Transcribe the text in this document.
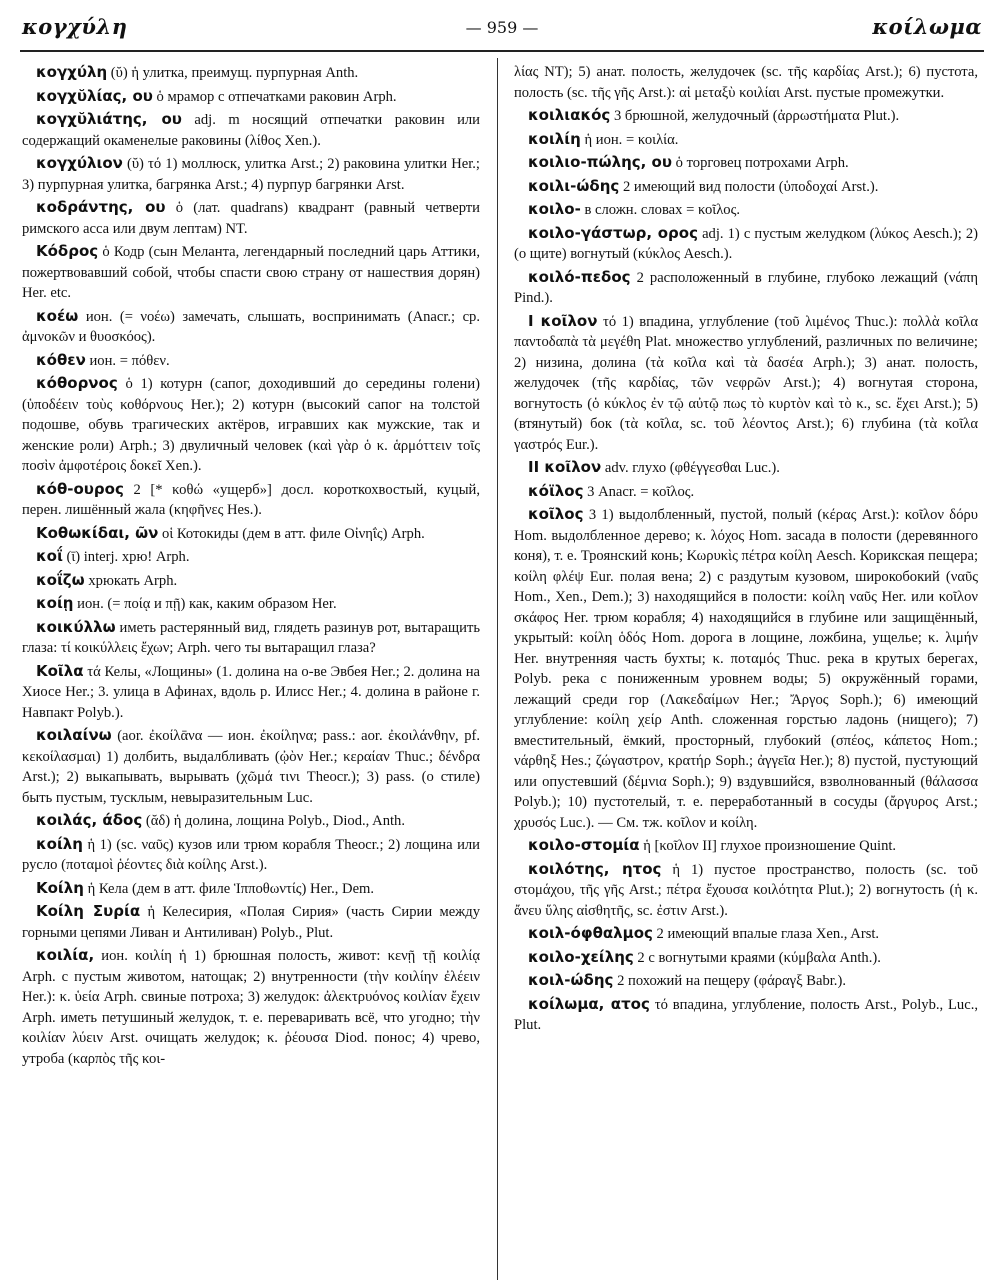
κογχύλη	— 959 —	κοίλωμα

κογχύλη (ῠ) ἡ улитка, преимущ. пурпурная Anth.

κογχῠλίας, ου ὁ мрамор с отпечатками раковин Arph.

κογχῠλιάτης, ου adj. m носящий отпечатки раковин или содержащий окаменелые раковины (λίθος Xen.).

κογχύλιον (ῠ) τό 1) моллюск, улитка Arst.; 2) раковина улитки Her.; 3) пурпурная улитка, багрянка Arst.; 4) пурпур багрянки Arst.

κοδράντης, ου ὁ (лат. quadrans) квадрант (равный четверти римского асса или двум лептам) NT.

Κόδρος ὁ Кодр (сын Меланта, легендарный последний царь Аттики, пожертвовавший собой, чтобы спасти свою страну от нашествия дорян) Her. etc.

κοέω ион. (= νοέω) замечать, слышать, воспринимать (Anacr.; ср. ἀμνοκῶν и θυοσκόος).

κόθεν ион. = πόθεν.

κόθορνος ὁ 1) котурн (сапог, доходивший до середины голени) (ὑποδέειν τοὺς κοθόρνους Her.); 2) котурн (высокий сапог на толстой подошве, обувь трагических актёров, игравших как мужские, так и женские роли) Arph.; 3) двуличный человек (καὶ γὰρ ὁ κ. ἁρμόττειν τοῖς ποσὶν ἀμφοτέροις δοκεῖ Xen.).

κόθ-ουρος 2 [* κοθώ «ущерб»] досл. короткохвостый, куцый, перен. лишённый жала (κηφῆνες Hes.).

Κοθωκίδαι, ῶν οἱ Котокиды (дем в атт. филе Οἰνηΐς) Arph.

κοΐ (ῑ) interj. хрю! Arph.

κοΐζω хрюкать Arph.

κοίῃ ион. (= ποίᾳ и πῇ) как, каким образом Her.

κοικύλλω иметь растерянный вид, глядеть разинув рот, вытаращить глаза: τί κοικύλλεις ἔχων; Arph. чего ты вытаращил глаза?

Κοῖλα τά Келы, «Лощины» (1. долина на о-ве Эвбея Her.; 2. долина на Хиосе Her.; 3. улица в Афинах, вдоль р. Илисс Her.; 4. долина в районе г. Навпакт Polyb.).

κοιλαίνω (aor. ἐκοίλᾱνα — ион. ἐκοίληνα; pass.: aor. ἐκοιλάνθην, pf. κεκοίλασμαι) 1) долбить, выдалбливать (ᾠὸν Her.; κεραίαν Thuc.; δένδρα Arst.); 2) выкапывать, вырывать (χῶμά τινι Theocr.); 3) pass. (о стиле) быть пустым, тусклым, невыразительным Luc.

κοιλάς, άδος (ᾰδ) ἡ долина, лощина Polyb., Diod., Anth.

κοίλη ἡ 1) (sc. ναῦς) кузов или трюм корабля Theocr.; 2) лощина или русло (ποταμοὶ ῥέοντες διὰ κοίλης Arst.).

Κοίλη ἡ Кела (дем в атт. филе Ἱπποθωντίς) Her., Dem.

Κοίλη Συρία ἡ Келесирия, «Полая Сирия» (часть Сирии между горными цепями Ливан и Антиливан) Polyb., Plut.

κοιλία, ион. κοιλίη ἡ 1) брюшная полость, живот: κενῇ τῇ κοιλίᾳ Arph. с пустым животом, натощак; 2) внутренности (τὴν κοιλίην ἐλέειν Her.): κ. ὑεία Arph. свиные потроха; 3) желудок: ἀλεκτρυόνος κοιλίαν ἔχειν Arph. иметь петушиный желудок, т. е. переваривать всё, что угодно; τὴν κοιλίαν λύειν Arst. очищать желудок; κ. ῥέουσα Diod. понос; 4) чрево, утроба (καρπὸς τῆς κοι-

λίας NT); 5) анат. полость, желудочек (sc. τῆς καρδίας Arst.); 6) пустота, полость (sc. τῆς γῆς Arst.): αἱ μεταξὺ κοιλίαι Arst. пустые промежутки.

κοιλιακός 3 брюшной, желудочный (ἀρρωστήματα Plut.).

κοιλίη ἡ ион. = κοιλία.

κοιλιο-πώλης, ου ὁ торговец потрохами Arph.

κοιλι-ώδης 2 имеющий вид полости (ὑποδοχαί Arst.).

κοιλο- в сложн. словах = κοῖλος.

κοιλο-γάστωρ, ορος adj. 1) с пустым желудком (λύκος Aesch.); 2) (о щите) вогнутый (κύκλος Aesch.).

κοιλό-πεδος 2 расположенный в глубине, глубоко лежащий (νάπη Pind.).

I κοῖλον τό 1) впадина, углубление (τοῦ λιμένος Thuc.): πολλὰ κοῖλα παντοδαπὰ τὰ μεγέθη Plat. множество углублений, различных по величине; 2) низина, долина (τὰ κοῖλα καὶ τὰ δασέα Arph.); 3) анат. полость, желудочек (τῆς καρδίας, τῶν νεφρῶν Arst.); 4) вогнутая сторона, вогнутость (ὁ κύκλος ἐν τῷ αὐτῷ πως τὸ κυρτὸν καὶ τὸ κ., sc. ἔχει Arst.); 5) (втянутый) бок (τὰ κοῖλα, sc. τοῦ λέοντος Arst.); 6) глубина (τὰ κοῖλα γαστρός Eur.).

II κοῖλον adv. глухо (φθέγγεσθαι Luc.).

κόϊλος 3 Anacr. = κοῖλος.

κοῖλος 3 1) выдолбленный, пустой, полый (κέρας Arst.): κοῖλον δόρυ Hom. выдолбленное дерево; κ. λόχος Hom. засада в полости (деревянного коня), т. е. Троянский конь; Κωρυκὶς πέτρα κοίλη Aesch. Корикская пещера; κοίλη φλέψ Eur. полая вена; 2) с раздутым кузовом, широкобокий (ναῦς Hom., Xen., Dem.); 3) находящийся в полости: κοίλη ναῦς Her. или κοῖλον σκάφος Her. трюм корабля; 4) находящийся в глубине или защищённый, укрытый: κοίλη ὁδός Hom. дорога в лощине, ложбина, ущелье; κ. λιμήν Her. внутренняя часть бухты; κ. ποταμός Thuc. река в крутых берегах, Polyb. река с пониженным уровнем воды; 5) окружённый горами, лежащий среди гор (Λακεδαίμων Her.; Ἄργος Soph.); 6) имеющий углубление: κοίλη χείρ Anth. сложенная горстью ладонь (нищего); 7) вместительный, ёмкий, просторный, глубокий (σπέος, κάπετος Hom.; νάρθηξ Hes.; ζώγαστρον, κρατήρ Soph.; ἀγγεῖα Her.); 8) пустой, пустующий или опустевший (δέμνια Soph.); 9) вздувшийся, взволнованный (θάλασσα Polyb.); 10) пустотелый, т. е. переработанный в сосуды (ἄργυρος Arst.; χρυσός Luc.). — См. тж. κοῖλον и κοίλη.

κοιλο-στομία ἡ [κοῖλον II] глухое произношение Quint.

κοιλότης, ητος ἡ 1) пустое пространство, полость (sc. τοῦ στομάχου, τῆς γῆς Arst.; πέτρα ἔχουσα κοιλότητα Plut.); 2) вогнутость (ἡ κ. ἄνευ ὕλης αἰσθητῆς, sc. ἐστιν Arst.).

κοιλ-όφθαλμος 2 имеющий впалые глаза Xen., Arst.

κοιλο-χείλης 2 с вогнутыми краями (κύμβαλα Anth.).

κοιλ-ώδης 2 похожий на пещеру (φάραγξ Babr.).

κοίλωμα, ατος τό впадина, углубление, полость Arst., Polyb., Luc., Plut.
